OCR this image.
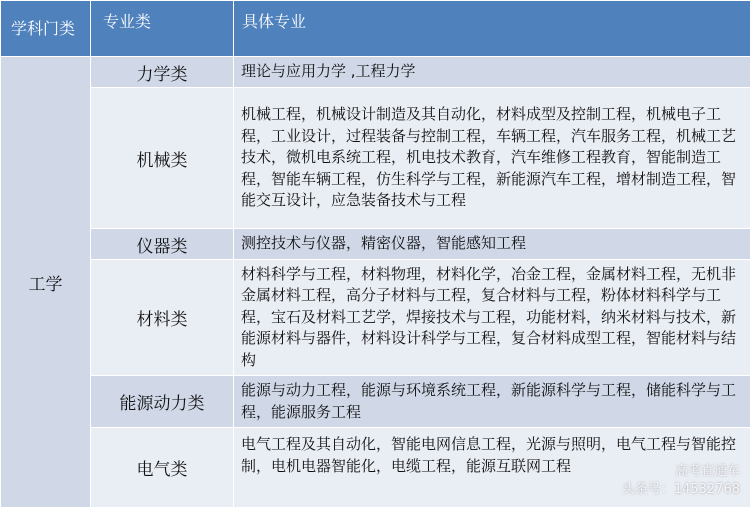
学科门类	专业类	具体专业
工学	力学类	理论与应用力学 ,工程力学
	机械类	机械工程，机械设计制造及其自动化，材料成型及控制工程，机械电子工程，工业设计，过程装备与控制工程，车辆工程，汽车服务工程，机械工艺技术，微机电系统工程，机电技术教育，汽车维修工程教育，智能制造工程，智能车辆工程，仿生科学与工程，新能源汽车工程，增材制造工程，智能交互设计，应急装备技术与工程
	仪器类	测控技术与仪器，精密仪器，智能感知工程
	材料类	材料科学与工程，材料物理，材料化学，冶金工程，金属材料工程，无机非金属材料工程，高分子材料与工程，复合材料与工程，粉体材料科学与工程，宝石及材料工艺学，焊接技术与工程，功能材料，纳米材料与技术，新能源材料与器件，材料设计科学与工程，复合材料成型工程，智能材料与结构
	能源动力类	能源与动力工程，能源与环境系统工程，新能源科学与工程，储能科学与工程，能源服务工程
	电气类	电气工程及其自动化，智能电网信息工程，光源与照明，电气工程与智能控制，电机电器智能化，电缆工程，能源互联网工程	高考直通车
头条号：14532768
